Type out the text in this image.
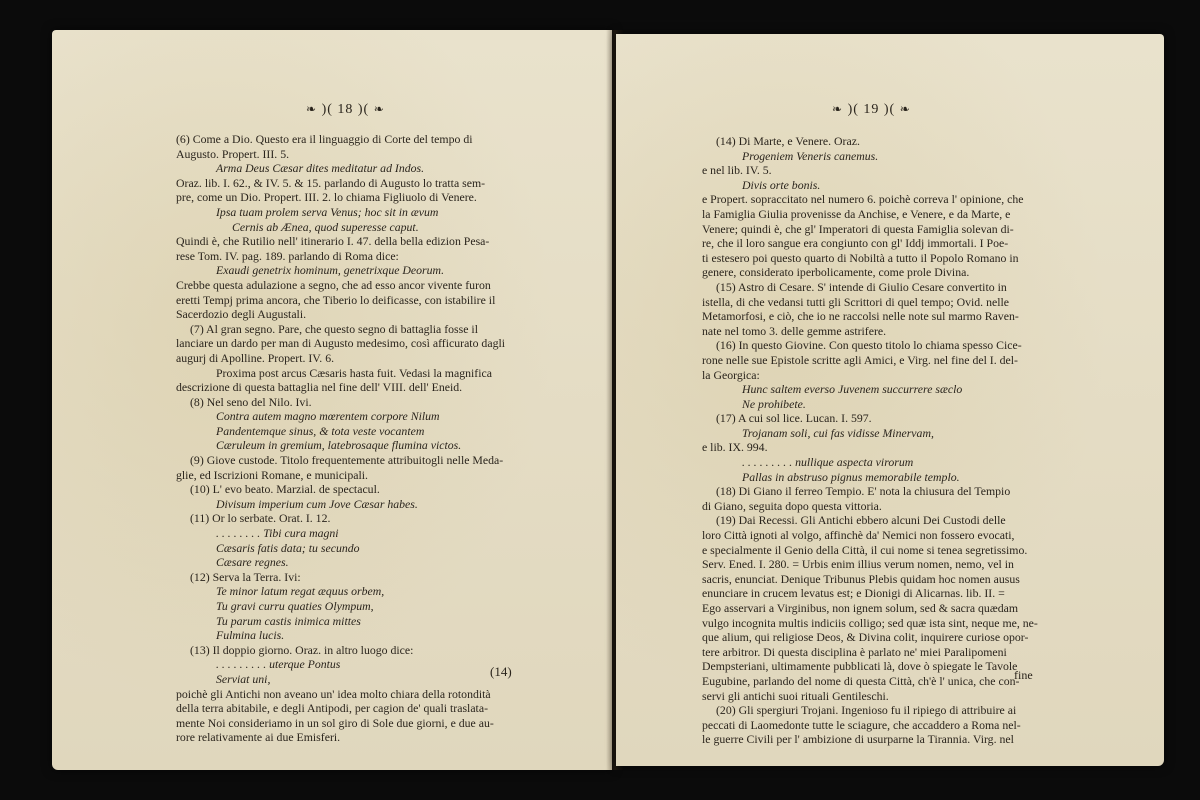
❧ )( 18 )( ❧
(6) Come a Dio. Questo era il linguaggio di Corte del tempo di
Augusto. Propert. III. 5.
Arma Deus Cæsar dites meditatur ad Indos.
Oraz. lib. I. 62., & IV. 5. & 15. parlando di Augusto lo tratta sem-
pre, come un Dio. Propert. III. 2. lo chiama Figliuolo di Venere.
Ipsa tuam prolem serva Venus; hoc sit in ævum
Cernis ab Ænea, quod superesse caput.
Quindi è, che Rutilio nell' itinerario I. 47. della bella edizion Pesa-
rese Tom. IV. pag. 189. parlando di Roma dice:
Exaudi genetrix hominum, genetrixque Deorum.
Crebbe questa adulazione a segno, che ad esso ancor vivente furon
eretti Tempj prima ancora, che Tiberio lo deificasse, con istabilire il
Sacerdozio degli Augustali.
(7) Al gran segno. Pare, che questo segno di battaglia fosse il
lanciare un dardo per man di Augusto medesimo, così afficurato dagli
augurj di Apolline. Propert. IV. 6.
Proxima post arcus Cæsaris hasta fuit. Vedasi la magnifica
descrizione di questa battaglia nel fine dell' VIII. dell' Eneid.
(8) Nel seno del Nilo. Ivi.
Contra autem magno mœrentem corpore Nilum
Pandentemque sinus, & tota veste vocantem
Cæruleum in gremium, latebrosaque flumina victos.
(9) Giove custode. Titolo frequentemente attribuitogli nelle Meda-
glie, ed Iscrizioni Romane, e municipali.
(10) L' evo beato. Marzial. de spectacul.
Divisum imperium cum Jove Cæsar habes.
(11) Or lo serbate. Orat. I. 12.
. . . . . . . . Tibi cura magni
Cæsaris fatis data; tu secundo
Cæsare regnes.
(12) Serva la Terra. Ivi:
Te minor latum regat æquus orbem,
Tu gravi curru quaties Olympum,
Tu parum castis inimica mittes
Fulmina lucis.
(13) Il doppio giorno. Oraz. in altro luogo dice:
. . . . . . . . . uterque Pontus
Serviat uni,
poichè gli Antichi non aveano un' idea molto chiara della rotondità
della terra abitabile, e degli Antipodi, per cagion de' quali traslata-
mente Noi consideriamo in un sol giro di Sole due giorni, e due au-
rore relativamente ai due Emisferi.
(14)
❧ )( 19 )( ❧
(14) Di Marte, e Venere. Oraz.
Progeniem Veneris canemus.
e nel lib. IV. 5.
Divis orte bonis.
e Propert. sopraccitato nel numero 6. poichè correva l' opinione, che
la Famiglia Giulia provenisse da Anchise, e Venere, e da Marte, e
Venere; quindi è, che gl' Imperatori di questa Famiglia solevan di-
re, che il loro sangue era congiunto con gl' Iddj immortali. I Poe-
ti estesero poi questo quarto di Nobiltà a tutto il Popolo Romano in
genere, considerato iperbolicamente, come prole Divina.
(15) Astro di Cesare. S' intende di Giulio Cesare convertito in
istella, di che vedansi tutti gli Scrittori di quel tempo; Ovid. nelle
Metamorfosi, e ciò, che io ne raccolsi nelle note sul marmo Raven-
nate nel tomo 3. delle gemme astrifere.
(16) In questo Giovine. Con questo titolo lo chiama spesso Cice-
rone nelle sue Epistole scritte agli Amici, e Virg. nel fine del I. del-
la Georgica:
Hunc saltem everso Juvenem succurrere sæclo
Ne prohibete.
(17) A cui sol lice. Lucan. I. 597.
Trojanam soli, cui fas vidisse Minervam,
e lib. IX. 994.
. . . . . . . . . nullique aspecta virorum
Pallas in abstruso pignus memorabile templo.
(18) Di Giano il ferreo Tempio. E' nota la chiusura del Tempio
di Giano, seguita dopo questa vittoria.
(19) Dai Recessi. Gli Antichi ebbero alcuni Dei Custodi delle
loro Città ignoti al volgo, affinchè da' Nemici non fossero evocati,
e specialmente il Genio della Città, il cui nome si tenea segretissimo.
Serv. Ened. I. 280. = Urbis enim illius verum nomen, nemo, vel in
sacris, enunciat. Denique Tribunus Plebis quidam hoc nomen ausus
enunciare in crucem levatus est; e Dionigi di Alicarnas. lib. II. =
Ego asservari a Virginibus, non ignem solum, sed & sacra quædam
vulgo incognita multis indiciis colligo; sed quæ ista sint, neque me, ne-
que alium, qui religiose Deos, & Divina colit, inquirere curiose opor-
tere arbitror. Di questa disciplina è parlato ne' miei Paralipomeni
Dempsteriani, ultimamente pubblicati là, dove ò spiegate le Tavole
Eugubine, parlando del nome di questa Città, ch'è l' unica, che con-
servi gli antichi suoi rituali Gentileschi.
(20) Gli spergiuri Trojani. Ingenioso fu il ripiego di attribuire ai
peccati di Laomedonte tutte le sciagure, che accaddero a Roma nel-
le guerre Civili per l' ambizione di usurparne la Tirannia. Virg. nel
fine
